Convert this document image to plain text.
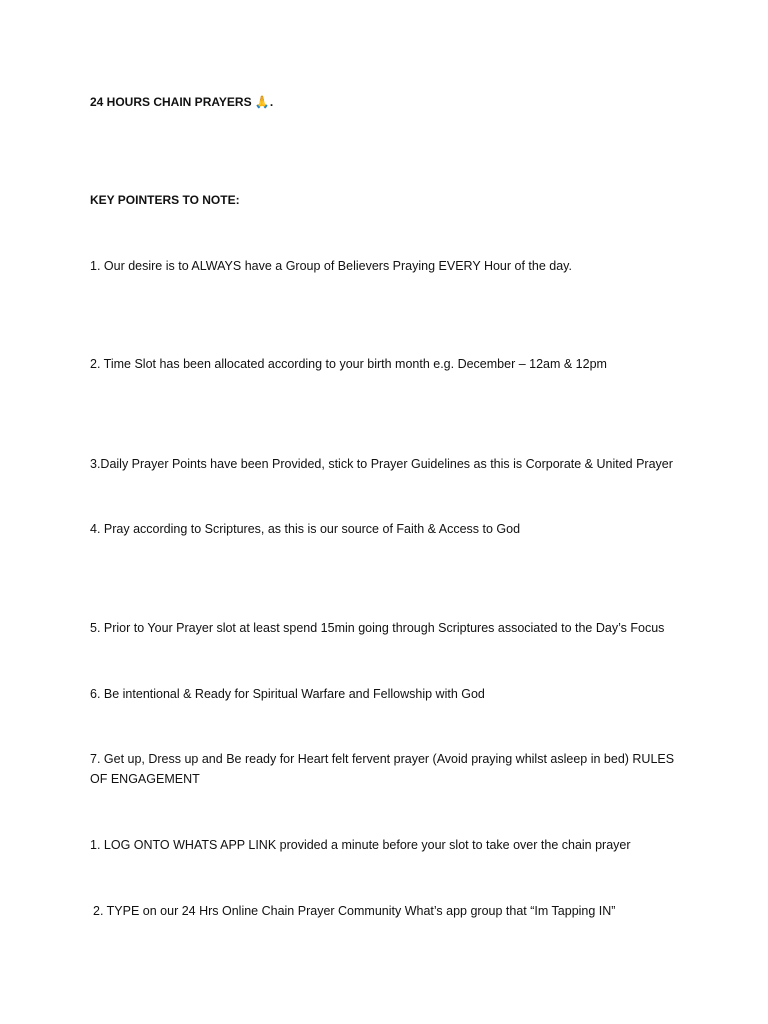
24 HOURS CHAIN PRAYERS 🙏.

KEY POINTERS TO NOTE:

1. Our desire is to ALWAYS have a Group of Believers Praying EVERY Hour of the day.

2. Time Slot has been allocated according to your birth month e.g. December – 12am & 12pm

3.Daily Prayer Points have been Provided, stick to Prayer Guidelines as this is Corporate & United Prayer

4. Pray according to Scriptures, as this is our source of Faith & Access to God

5. Prior to Your Prayer slot at least spend 15min going through Scriptures associated to the Day’s Focus

6. Be intentional & Ready for Spiritual Warfare and Fellowship with God

7. Get up, Dress up and Be ready for Heart felt fervent prayer (Avoid praying whilst asleep in bed) RULES OF ENGAGEMENT

1. LOG ONTO WHATS APP LINK provided a minute before your slot to take over the chain prayer

2. TYPE on our 24 Hrs Online Chain Prayer Community What’s app group that “Im Tapping IN”
